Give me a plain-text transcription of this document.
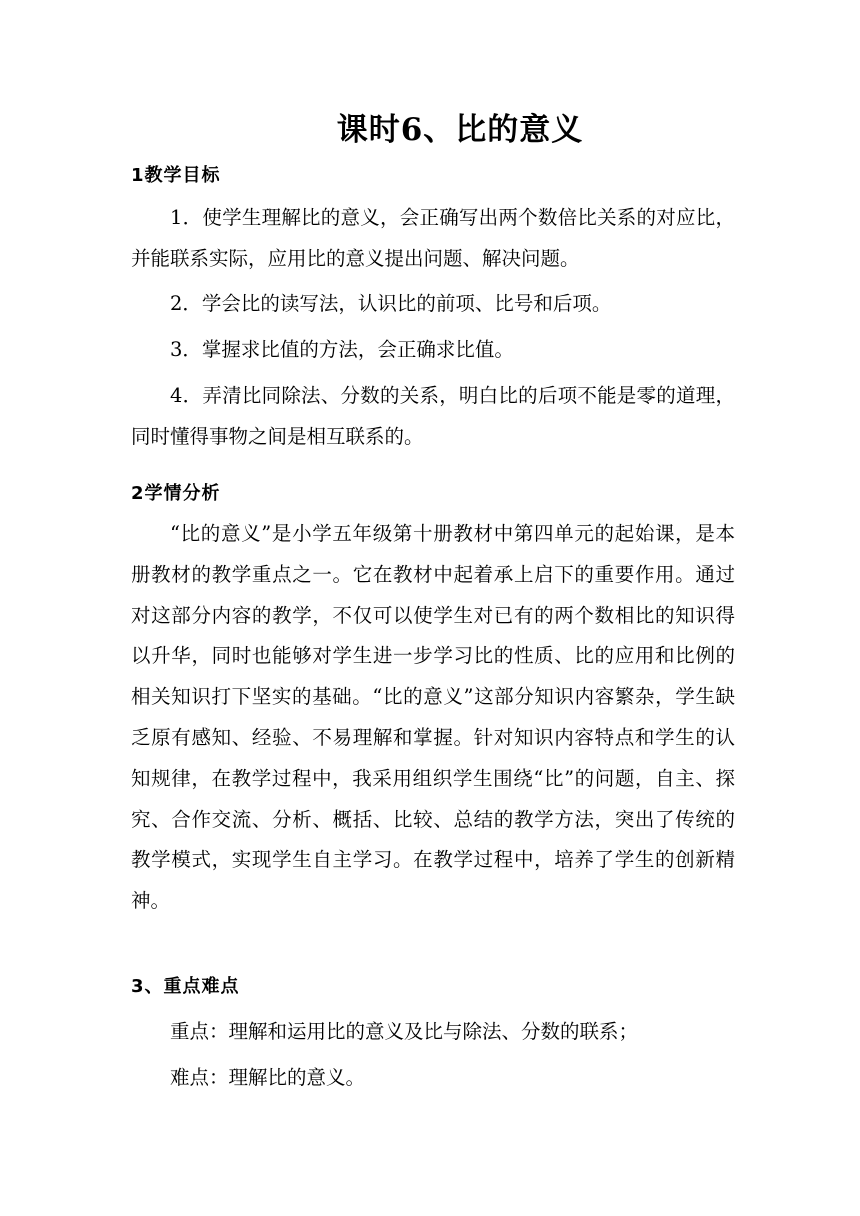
课时6、比的意义
1教学目标

1．使学生理解比的意义，会正确写出两个数倍比关系的对应比，并能联系实际，应用比的意义提出问题、解决问题。

2．学会比的读写法，认识比的前项、比号和后项。

3．掌握求比值的方法，会正确求比值。

4．弄清比同除法、分数的关系，明白比的后项不能是零的道理，同时懂得事物之间是相互联系的。

2学情分析

“比的意义”是小学五年级第十册教材中第四单元的起始课，是本册教材的教学重点之一。它在教材中起着承上启下的重要作用。通过对这部分内容的教学，不仅可以使学生对已有的两个数相比的知识得以升华，同时也能够对学生进一步学习比的性质、比的应用和比例的相关知识打下坚实的基础。“比的意义”这部分知识内容繁杂，学生缺乏原有感知、经验、不易理解和掌握。针对知识内容特点和学生的认知规律，在教学过程中，我采用组织学生围绕“比”的问题，自主、探究、合作交流、分析、概括、比较、总结的教学方法，突出了传统的教学模式，实现学生自主学习。在教学过程中，培养了学生的创新精神。

3、重点难点
重点：理解和运用比的意义及比与除法、分数的联系；
难点：理解比的意义。
